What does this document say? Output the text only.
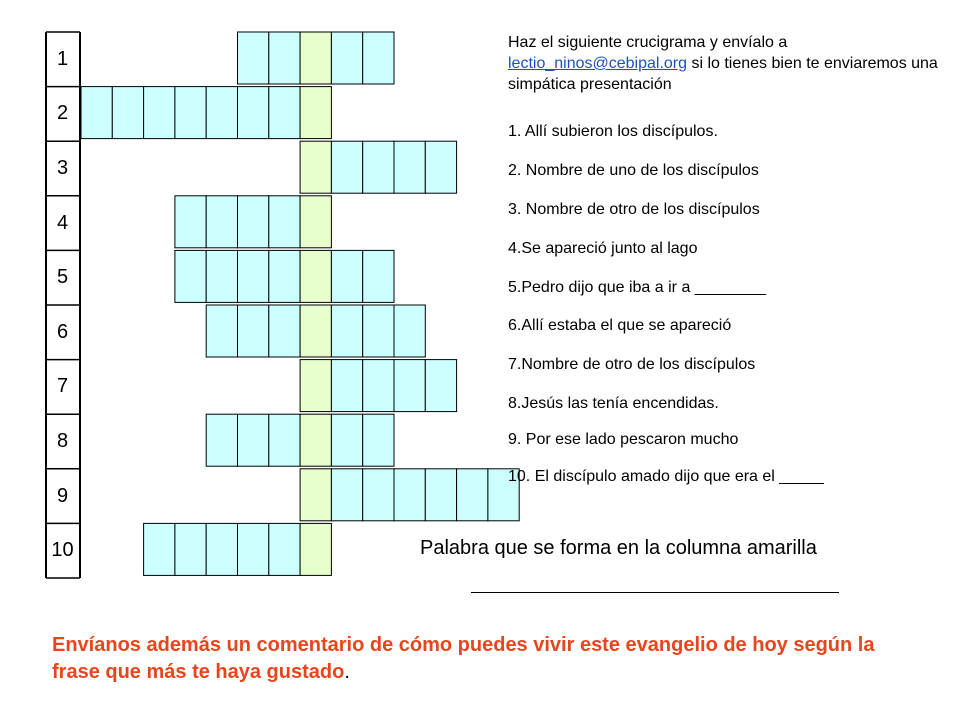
1
2
3
4
5
6
7
8
9
10
Haz el siguiente crucigrama y envíalo a lectio_ninos@cebipal.org si lo tienes bien te enviaremos una simpática presentación
1. Allí subieron los discípulos.
2. Nombre de uno de los discípulos
3. Nombre de otro de los discípulos
4.Se apareció junto al lago
5.Pedro dijo que iba a ir a ________
6.Allí estaba el que se apareció
7.Nombre de otro de los discípulos
8.Jesús las tenía encendidas.
9. Por ese lado pescaron mucho
10. El discípulo amado dijo que era el _____
Palabra que se forma en la columna amarilla
Envíanos además un comentario de cómo puedes vivir este evangelio de hoy según la frase que más te haya gustado.
